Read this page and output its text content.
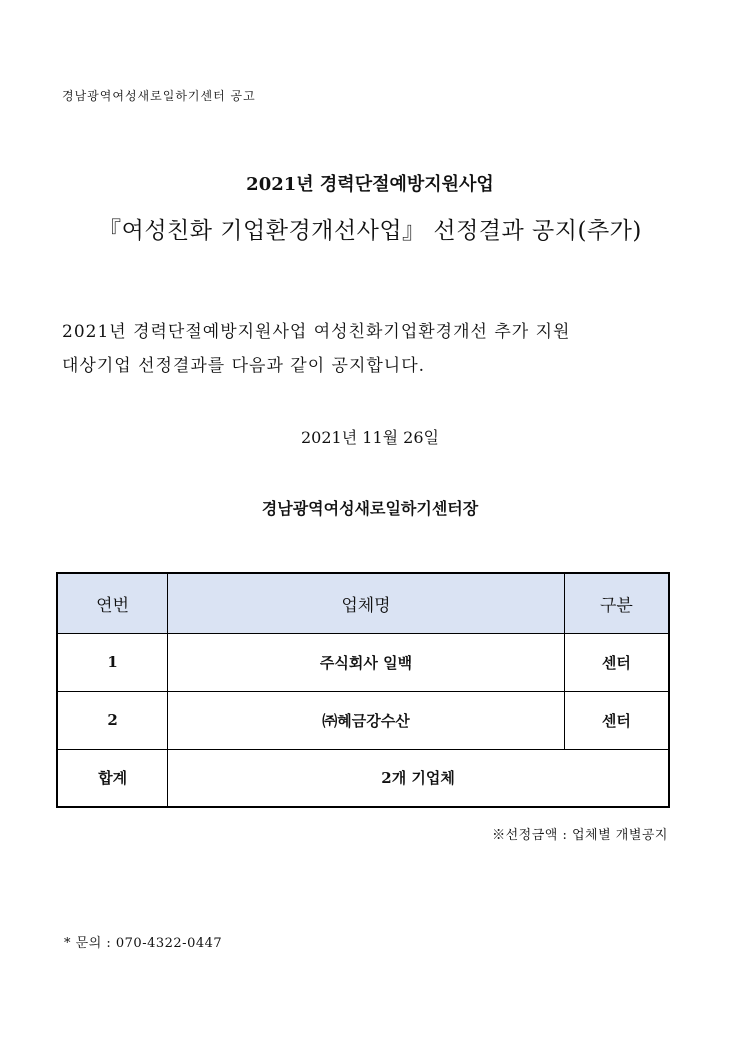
경남광역여성새로일하기센터 공고
2021년 경력단절예방지원사업
『여성친화 기업환경개선사업』 선정결과 공지(추가)
2021년 경력단절예방지원사업 여성친화기업환경개선 추가 지원
대상기업 선정결과를 다음과 같이 공지합니다.
2021년 11월 26일
경남광역여성새로일하기센터장
연번	업체명	구분
1	주식회사 일백	센터
2	㈜혜금강수산	센터
합계	2개 기업체	
※선정금액 : 업체별 개별공지
* 문의 : 070-4322-0447
